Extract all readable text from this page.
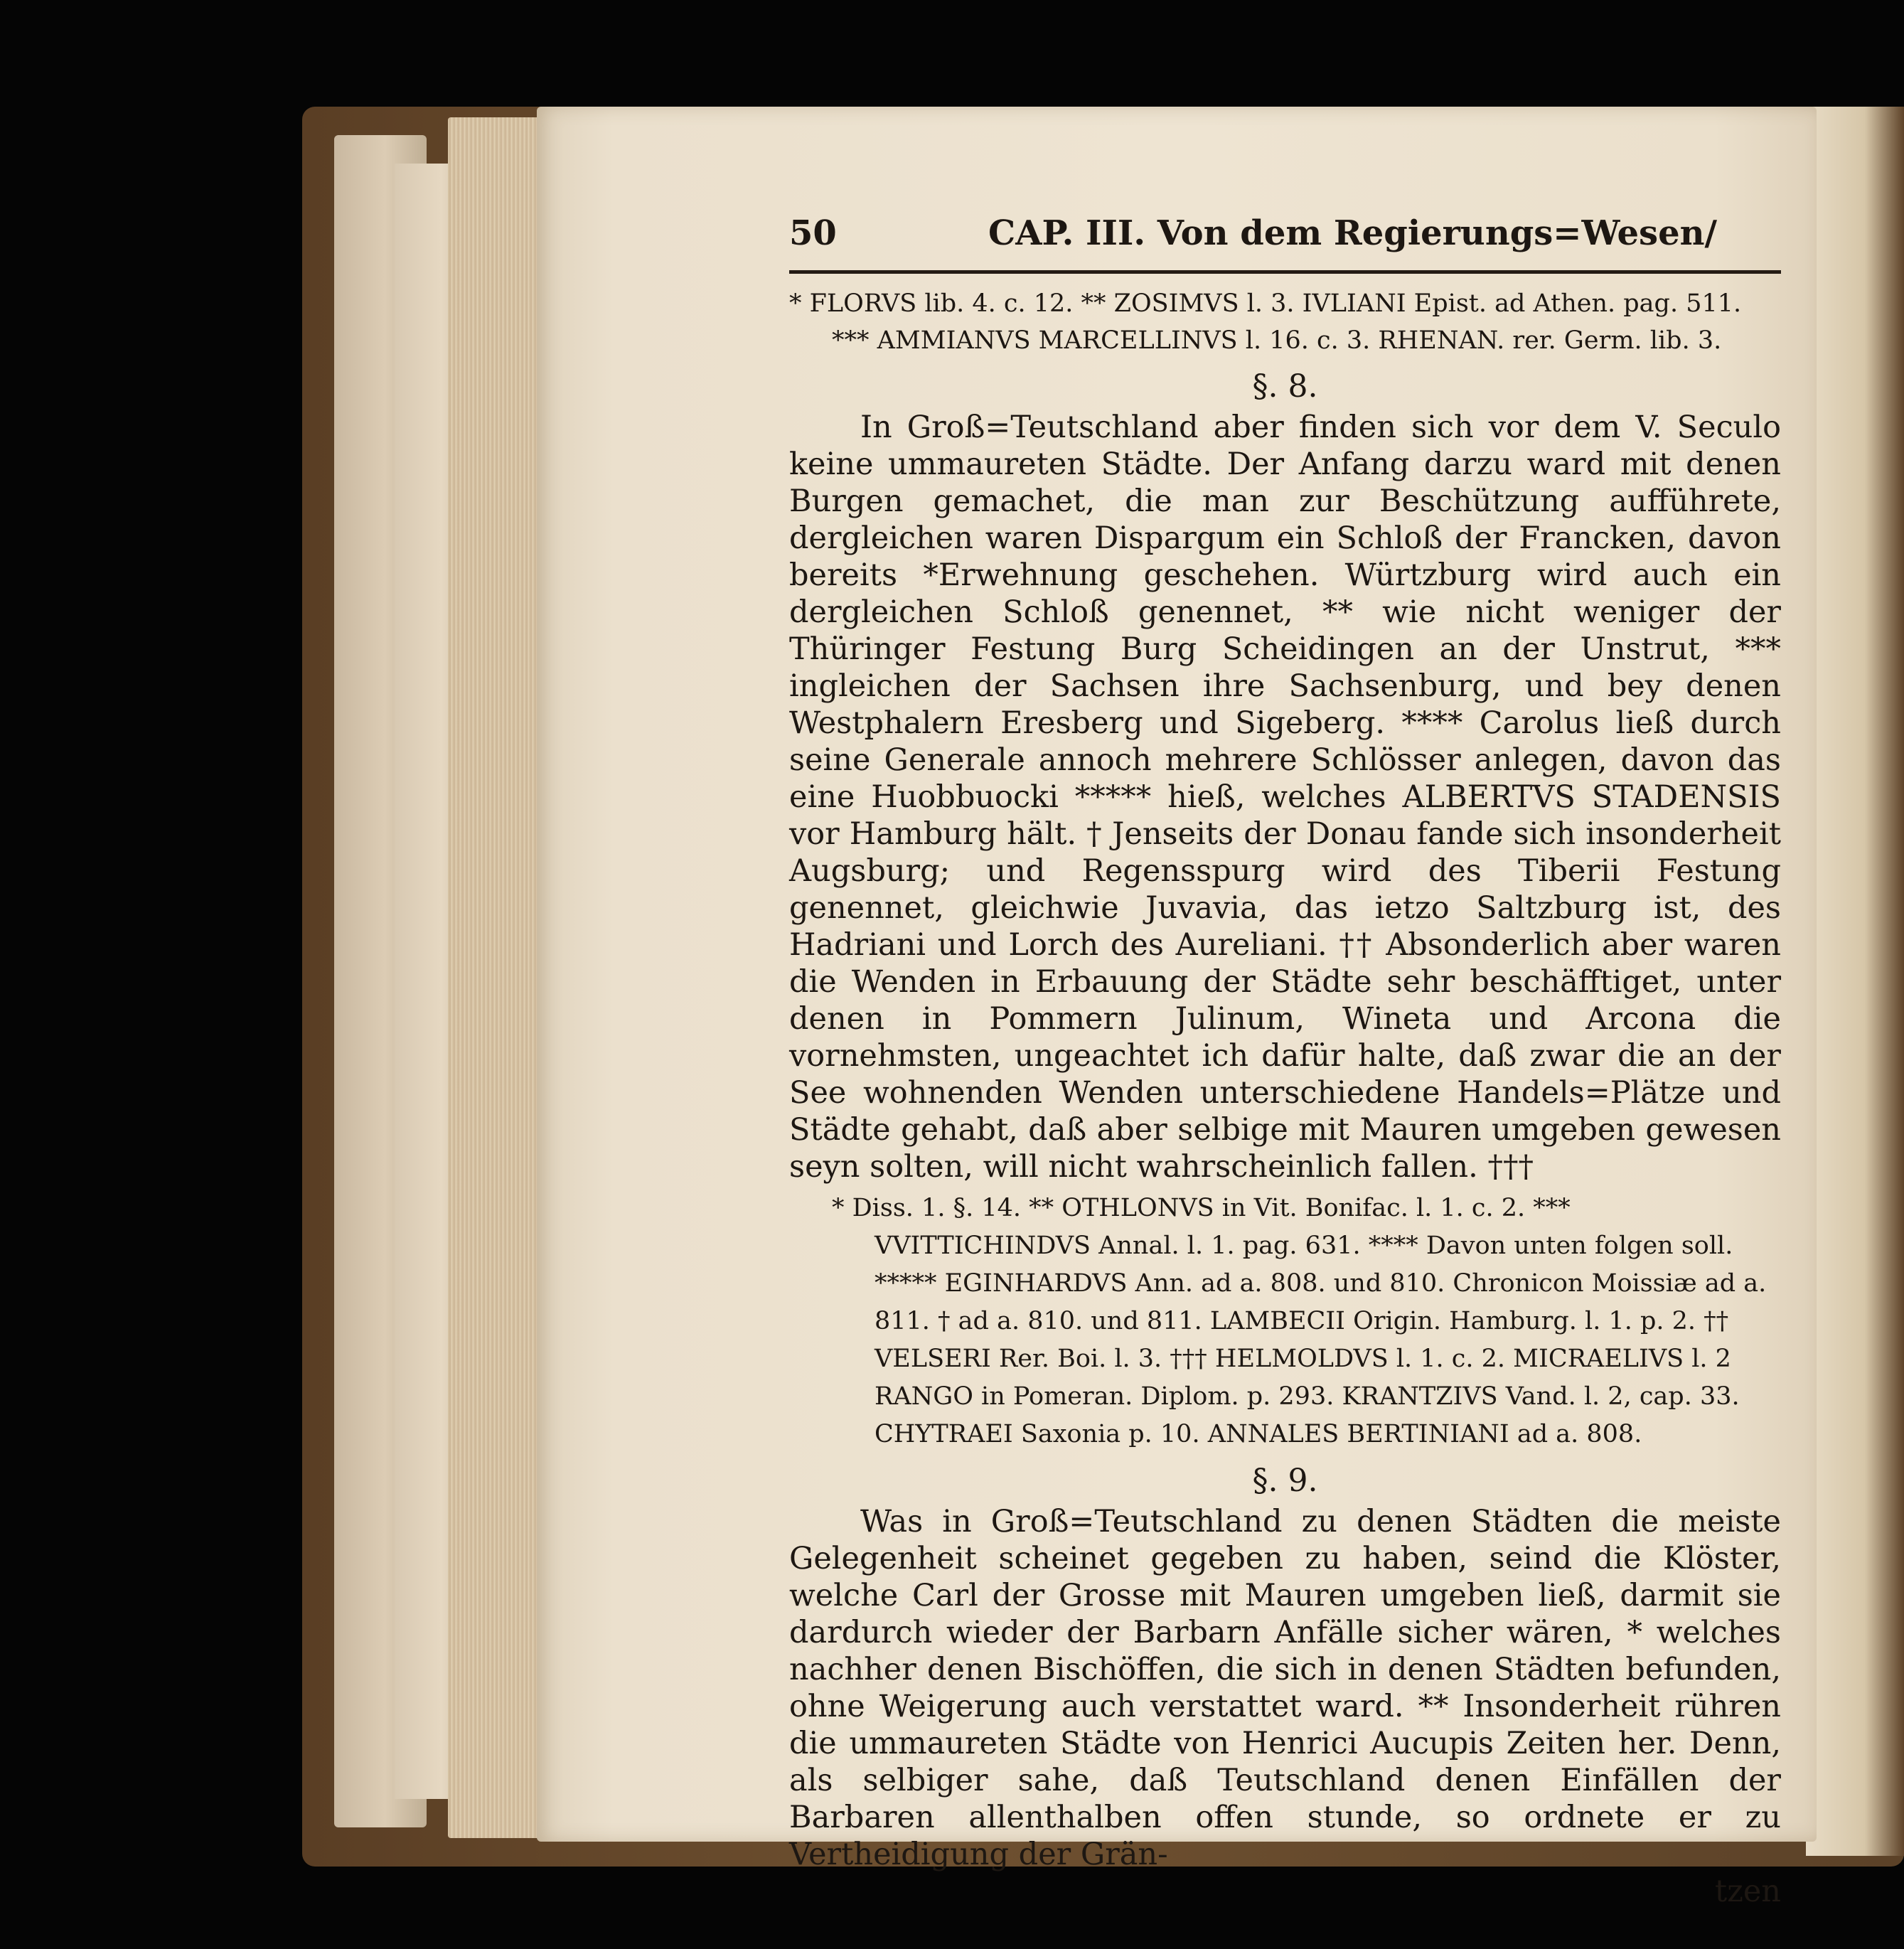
50	CAP. III. Von dem Regierungs=Wesen/

* FLORVS lib. 4. c. 12. ** ZOSIMVS l. 3. IVLIANI Epist. ad Athen. pag. 511. *** AMMIANVS MARCELLINVS l. 16. c. 3. RHENAN. rer. Germ. lib. 3.

§. 8.

In Groß=Teutschland aber finden sich vor dem V. Seculo keine ummaureten Städte. Der Anfang darzu ward mit denen Burgen gemachet, die man zur Beschützung aufführete, dergleichen waren Dispargum ein Schloß der Francken, davon bereits *Erwehnung geschehen. Würtzburg wird auch ein dergleichen Schloß genennet, ** wie nicht weniger der Thüringer Festung Burg Scheidingen an der Unstrut, *** ingleichen der Sachsen ihre Sachsenburg, und bey denen Westphalern Eresberg und Sigeberg. **** Carolus ließ durch seine Generale annoch mehrere Schlösser anlegen, davon das eine Huobbuocki ***** hieß, welches ALBERTVS STADENSIS vor Hamburg hält. † Jenseits der Donau fande sich insonderheit Augsburg; und Regensspurg wird des Tiberii Festung genennet, gleichwie Juvavia, das ietzo Saltzburg ist, des Hadriani und Lorch des Aureliani. †† Absonderlich aber waren die Wenden in Erbauung der Städte sehr beschäfftiget, unter denen in Pommern Julinum, Wineta und Arcona die vornehmsten, ungeachtet ich dafür halte, daß zwar die an der See wohnenden Wenden unterschiedene Handels=Plätze und Städte gehabt, daß aber selbige mit Mauren umgeben gewesen seyn solten, will nicht wahrscheinlich fallen. †††

* Diss. 1. §. 14. ** OTHLONVS in Vit. Bonifac. l. 1. c. 2. *** VVITTICHINDVS Annal. l. 1. pag. 631. **** Davon unten folgen soll. ***** EGINHARDVS Ann. ad a. 808. und 810. Chronicon Moissiæ ad a. 811. † ad a. 810. und 811. LAMBECII Origin. Hamburg. l. 1. p. 2. †† VELSERI Rer. Boi. l. 3. ††† HELMOLDVS l. 1. c. 2. MICRAELIVS l. 2 RANGO in Pomeran. Diplom. p. 293. KRANTZIVS Vand. l. 2, cap. 33. CHYTRAEI Saxonia p. 10. ANNALES BERTINIANI ad a. 808.

§. 9.

Was in Groß=Teutschland zu denen Städten die meiste Gelegenheit scheinet gegeben zu haben, seind die Klöster, welche Carl der Grosse mit Mauren umgeben ließ, darmit sie dardurch wieder der Barbarn Anfälle sicher wären, * welches nachher denen Bischöffen, die sich in denen Städten befunden, ohne Weigerung auch verstattet ward. ** Insonderheit rühren die ummaureten Städte von Henrici Aucupis Zeiten her. Denn, als selbiger sahe, daß Teutschland denen Einfällen der Barbaren allenthalben offen stunde, so ordnete er zu Vertheidigung der Grän-

tzen
